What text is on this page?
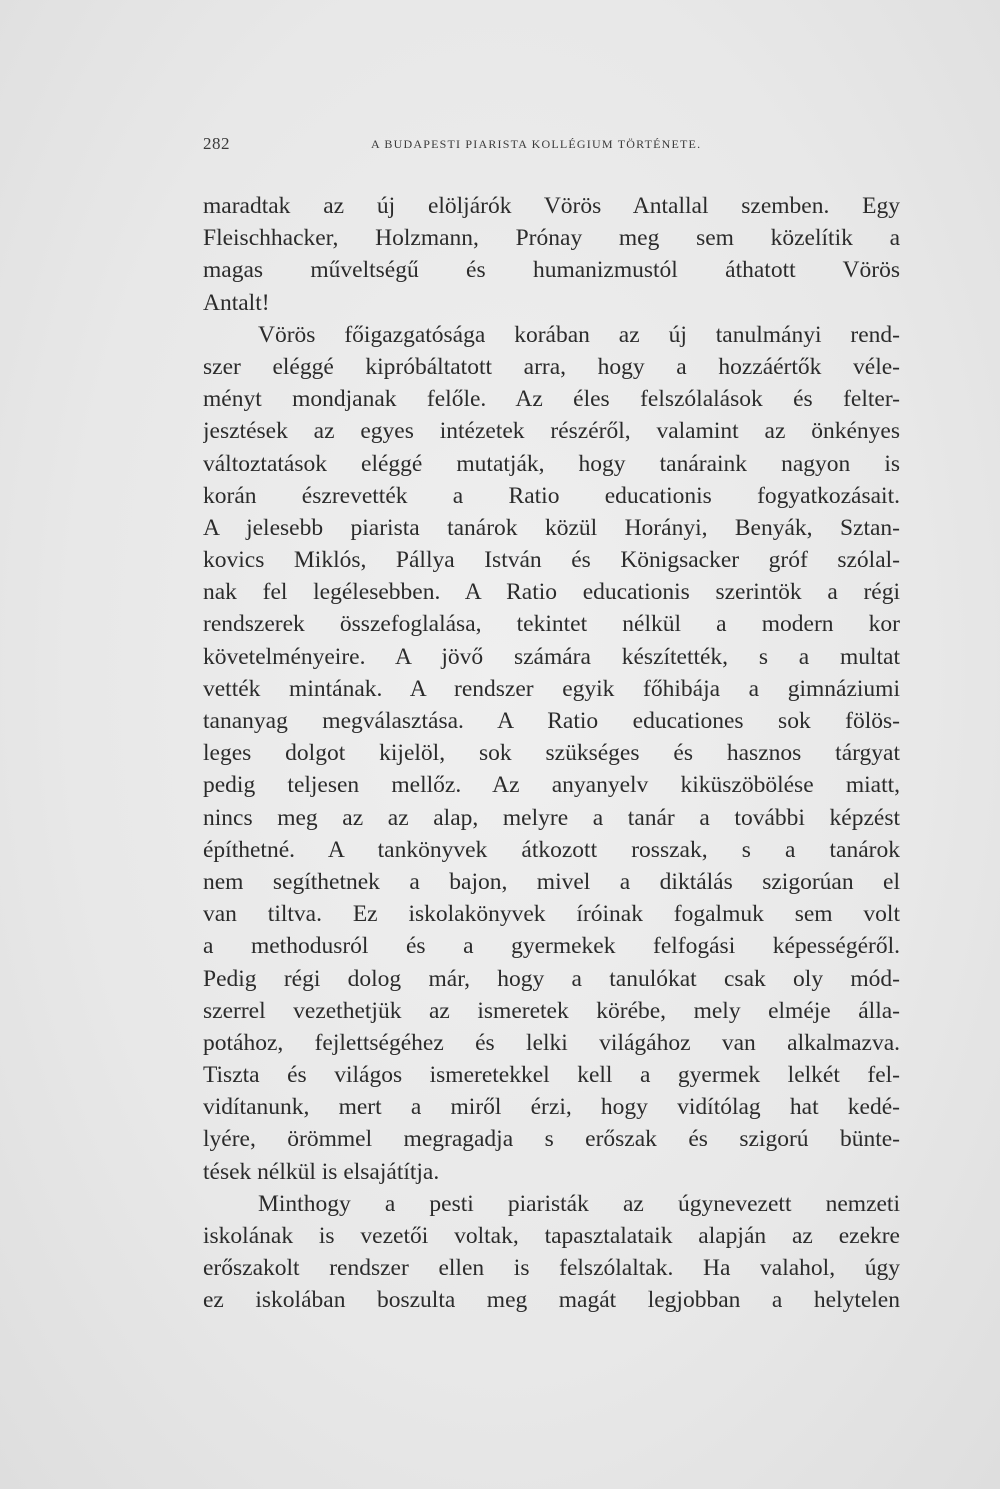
282	A BUDAPESTI PIARISTA KOLLÉGIUM TÖRTÉNETE.
maradtak az új elöljárók Vörös Antallal szemben. Egy
Fleischhacker, Holzmann, Prónay meg sem közelítik a
magas műveltségű és humanizmustól áthatott Vörös
Antalt!
Vörös főigazgatósága korában az új tanulmányi rend-
szer eléggé kipróbáltatott arra, hogy a hozzáértők véle-
ményt mondjanak felőle. Az éles felszólalások és felter-
jesztések az egyes intézetek részéről, valamint az önkényes
változtatások eléggé mutatják, hogy tanáraink nagyon is
korán észrevették a Ratio educationis fogyatkozásait.
A jelesebb piarista tanárok közül Horányi, Benyák, Sztan-
kovics Miklós, Pállya István és Königsacker gróf szólal-
nak fel legélesebben. A Ratio educationis szerintök a régi
rendszerek összefoglalása, tekintet nélkül a modern kor
követelményeire. A jövő számára készítették, s a multat
vették mintának. A rendszer egyik főhibája a gimnáziumi
tananyag megválasztása. A Ratio educationes sok fölös-
leges dolgot kijelöl, sok szükséges és hasznos tárgyat
pedig teljesen mellőz. Az anyanyelv kiküszöbölése miatt,
nincs meg az az alap, melyre a tanár a további képzést
építhetné. A tankönyvek átkozott rosszak, s a tanárok
nem segíthetnek a bajon, mivel a diktálás szigorúan el
van tiltva. Ez iskolakönyvek íróinak fogalmuk sem volt
a methodusról és a gyermekek felfogási képességéről.
Pedig régi dolog már, hogy a tanulókat csak oly mód-
szerrel vezethetjük az ismeretek körébe, mely elméje álla-
potához, fejlettségéhez és lelki világához van alkalmazva.
Tiszta és világos ismeretekkel kell a gyermek lelkét fel-
vidítanunk, mert a miről érzi, hogy vidítólag hat kedé-
lyére, örömmel megragadja s erőszak és szigorú bünte-
tések nélkül is elsajátítja.
Minthogy a pesti piaristák az úgynevezett nemzeti
iskolának is vezetői voltak, tapasztalataik alapján az ezekre
erőszakolt rendszer ellen is felszólaltak. Ha valahol, úgy
ez iskolában boszulta meg magát legjobban a helytelen
